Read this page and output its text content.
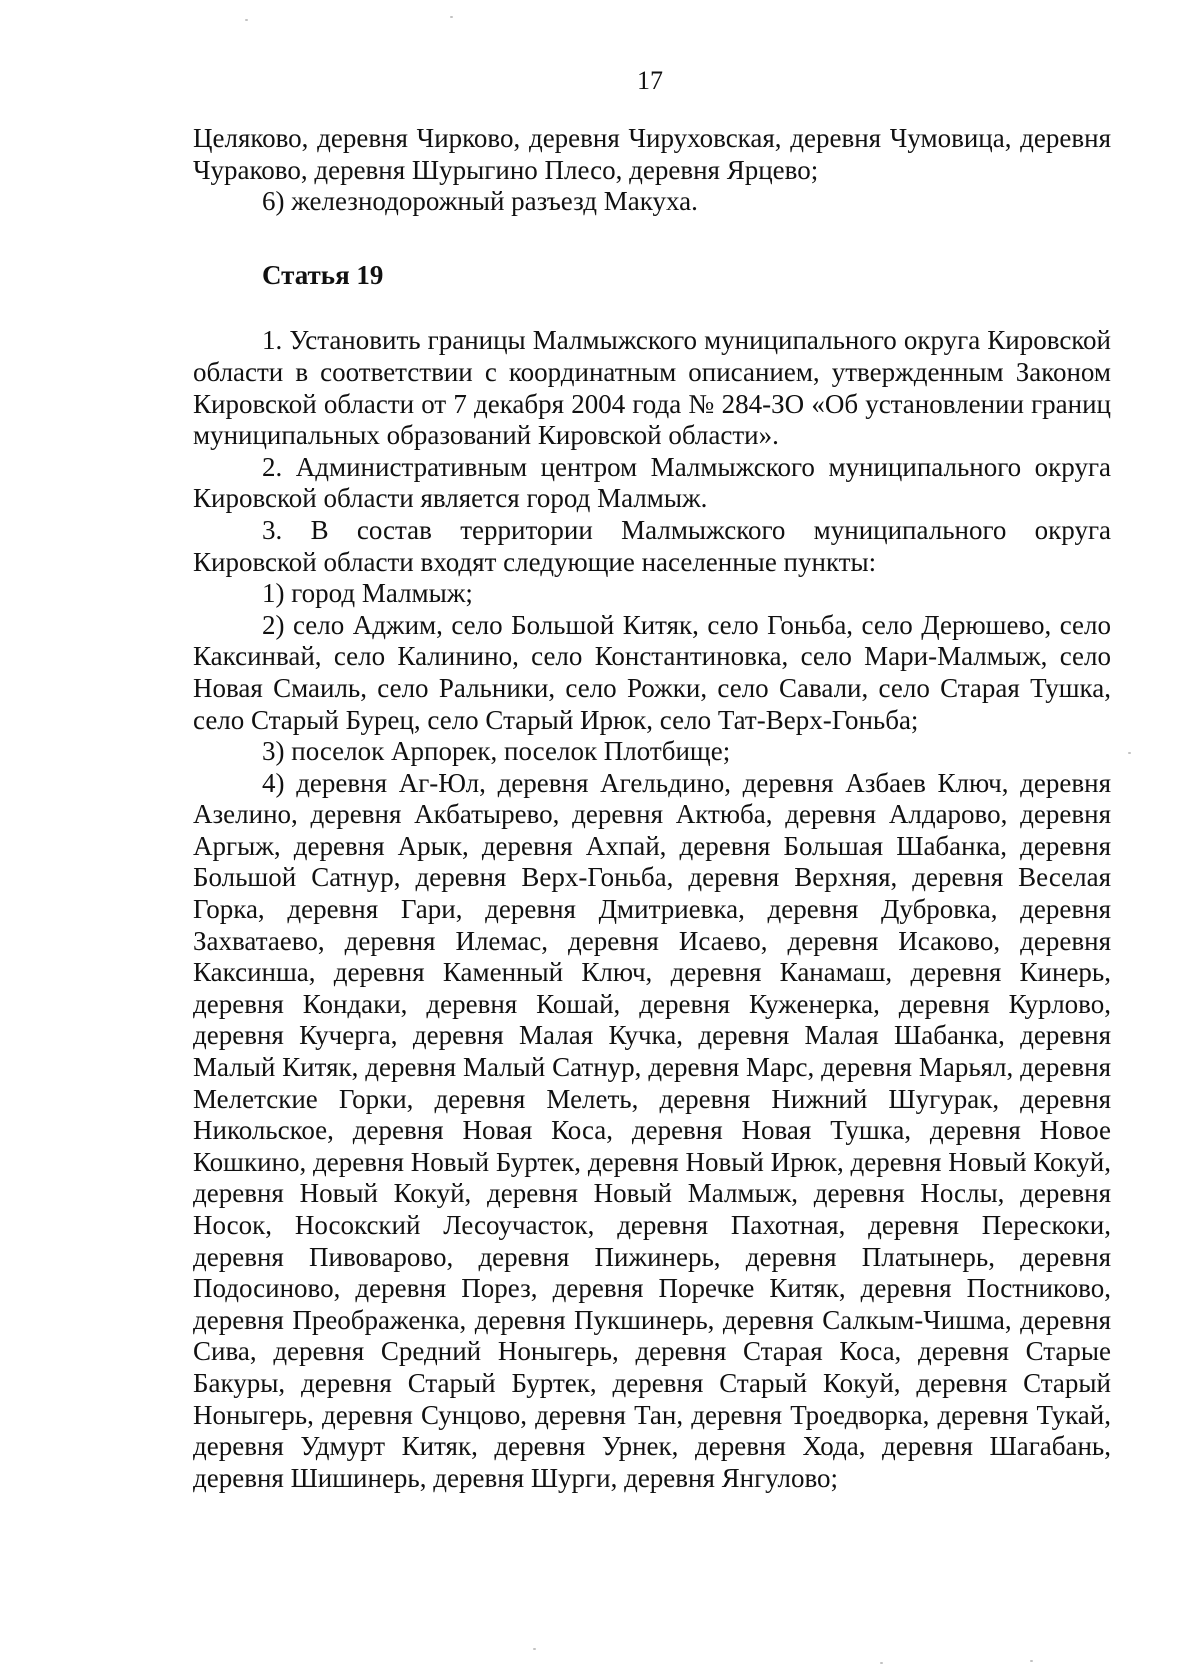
17

Целяково, деревня Чирково, деревня Чируховская, деревня Чумовица, деревня Чураково, деревня Шурыгино Плесо, деревня Ярцево;

6) железнодорожный разъезд Макуха.

Статья 19

1. Установить границы Малмыжского муниципального округа Кировской области в соответствии с координатным описанием, утвержденным Законом Кировской области от 7 декабря 2004 года № 284-ЗО «Об установлении границ муниципальных образований Кировской области».

2. Административным центром Малмыжского муниципального округа Кировской области является город Малмыж.

3. В состав территории Малмыжского муниципального округа Кировской области входят следующие населенные пункты:

1) город Малмыж;

2) село Аджим, село Большой Китяк, село Гоньба, село Дерюшево, село Каксинвай, село Калинино, село Константиновка, село Мари-Малмыж, село Новая Смаиль, село Ральники, село Рожки, село Савали, село Старая Тушка, село Старый Бурец, село Старый Ирюк, село Тат-Верх-Гоньба;

3) поселок Арпорек, поселок Плотбище;

4) деревня Аг-Юл, деревня Агельдино, деревня Азбаев Ключ, деревня Азелино, деревня Акбатырево, деревня Актюба, деревня Алдарово, деревня Аргыж, деревня Арык, деревня Ахпай, деревня Большая Шабанка, деревня Большой Сатнур, деревня Верх-Гоньба, деревня Верхняя, деревня Веселая Горка, деревня Гари, деревня Дмитриевка, деревня Дубровка, деревня Захватаево, деревня Илемас, деревня Исаево, деревня Исаково, деревня Каксинша, деревня Каменный Ключ, деревня Канамаш, деревня Кинерь, деревня Кондаки, деревня Кошай, деревня Куженерка, деревня Курлово, деревня Кучерга, деревня Малая Кучка, деревня Малая Шабанка, деревня Малый Китяк, деревня Малый Сатнур, деревня Марс, деревня Марьял, деревня Мелетские Горки, деревня Мелеть, деревня Нижний Шугурак, деревня Никольское, деревня Новая Коса, деревня Новая Тушка, деревня Новое Кошкино, деревня Новый Буртек, деревня Новый Ирюк, деревня Новый Кокуй, деревня Новый Кокуй, деревня Новый Малмыж, деревня Нослы, деревня Носок, Носокский Лесоучасток, деревня Пахотная, деревня Перескоки, деревня Пивоварово, деревня Пижинерь, деревня Платынерь, деревня Подосиново, деревня Порез, деревня Поречке Китяк, деревня Постниково, деревня Преображенка, деревня Пукшинерь, деревня Салкым-Чишма, деревня Сива, деревня Средний Ноныгерь, деревня Старая Коса, деревня Старые Бакуры, деревня Старый Буртек, деревня Старый Кокуй, деревня Старый Ноныгерь, деревня Сунцово, деревня Тан, деревня Троедворка, деревня Тукай, деревня Удмурт Китяк, деревня Урнек, деревня Хода, деревня Шагабань, деревня Шишинерь, деревня Шурги, деревня Янгулово;
